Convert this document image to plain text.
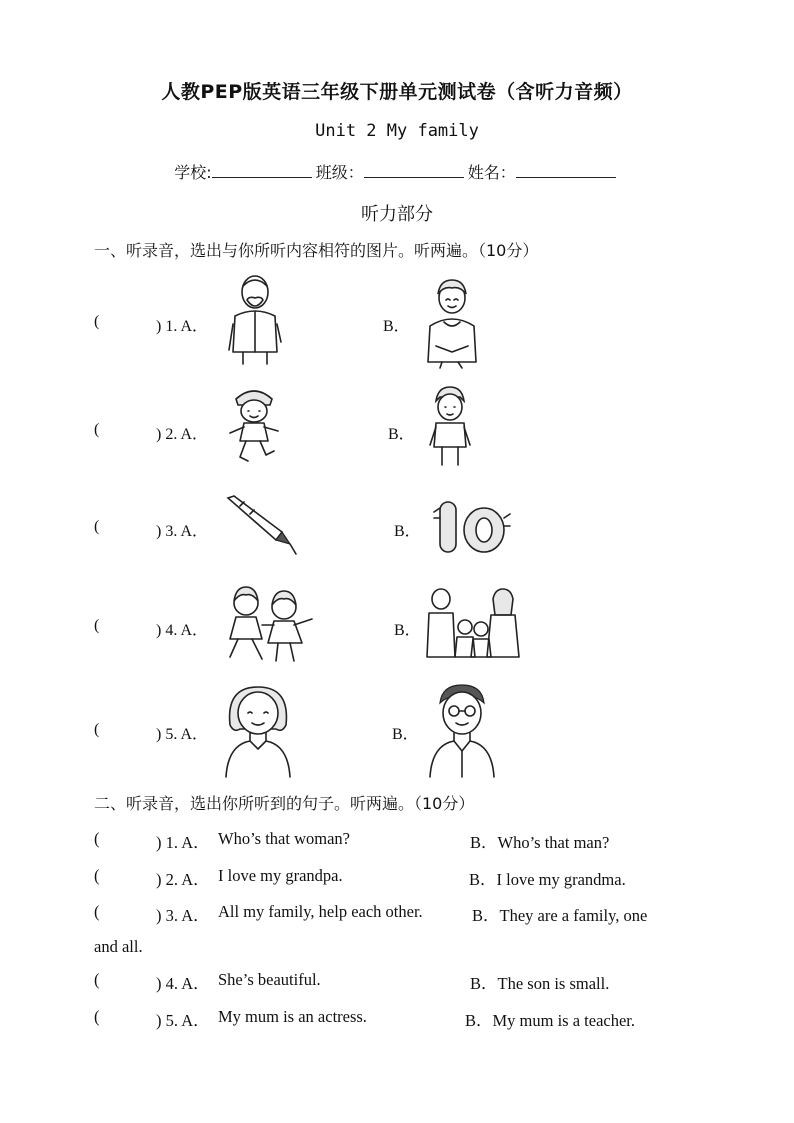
人教PEP版英语三年级下册单元测试卷（含听力音频）
Unit 2 My family
学校:	班级：	姓名：
听力部分
一、听录音，选出与你所听内容相符的图片。听两遍。（10分）
(	) 1. A．	B．
(	) 2. A．	B．
(	) 3. A．	B．
(	) 4. A．	B．
(	) 5. A．	B．
二、听录音，选出你所听到的句子。听两遍。（10分）
(	) 1. A． Who’s that woman?	B．Who’s that man?
(	) 2. A． I love my grandpa.	B．I love my grandma.
(	) 3. A． All my family, help each other.	B．They are a family, one
and all.
(	) 4. A． She’s beautiful.	B．The son is small.
(	) 5. A． My mum is an actress.	B．My mum is a teacher.
